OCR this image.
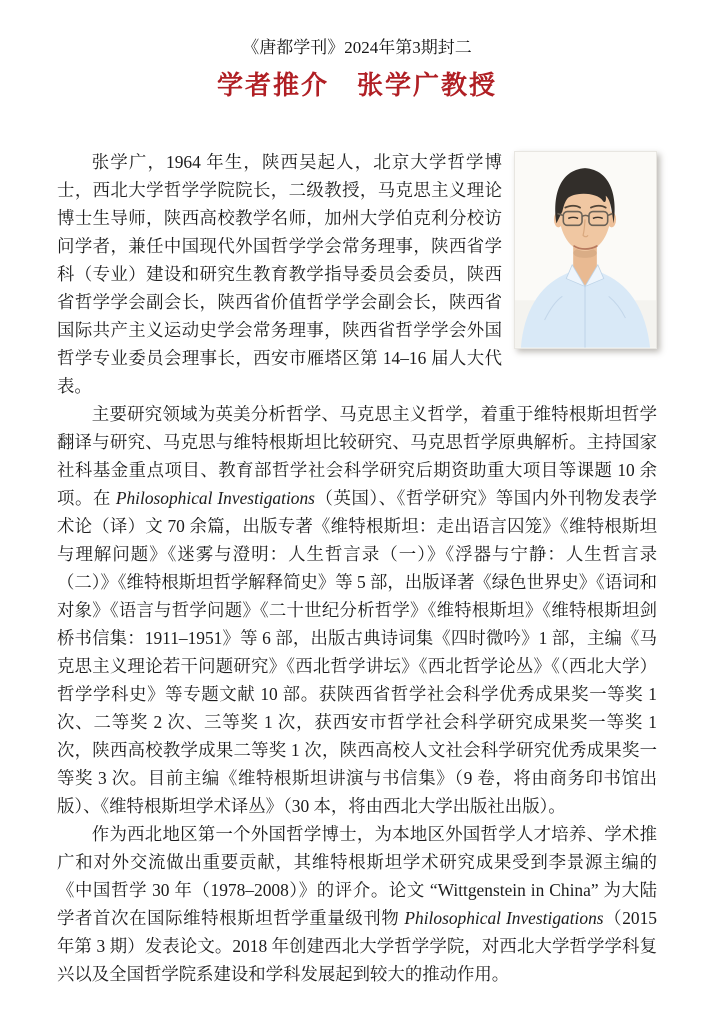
《唐都学刊》2024年第3期封二
学者推介　张学广教授

张学广，1964 年生，陕西吴起人，北京大学哲学博士，西北大学哲学学院院长，二级教授，马克思主义理论博士生导师，陕西高校教学名师，加州大学伯克利分校访问学者，兼任中国现代外国哲学学会常务理事，陕西省学科（专业）建设和研究生教育教学指导委员会委员，陕西省哲学学会副会长，陕西省价值哲学学会副会长，陕西省国际共产主义运动史学会常务理事，陕西省哲学学会外国哲学专业委员会理事长，西安市雁塔区第 14–16 届人大代表。

主要研究领域为英美分析哲学、马克思主义哲学，着重于维特根斯坦哲学翻译与研究、马克思与维特根斯坦比较研究、马克思哲学原典解析。主持国家社科基金重点项目、教育部哲学社会科学研究后期资助重大项目等课题 10 余项。在 Philosophical Investigations（英国）、《哲学研究》等国内外刊物发表学术论（译）文 70 余篇，出版专著《维特根斯坦：走出语言囚笼》《维特根斯坦与理解问题》《迷雾与澄明：人生哲言录（一）》《浮器与宁静：人生哲言录（二）》《维特根斯坦哲学解释简史》等 5 部，出版译著《绿色世界史》《语词和对象》《语言与哲学问题》《二十世纪分析哲学》《维特根斯坦》《维特根斯坦剑桥书信集：1911–1951》等 6 部，出版古典诗词集《四时微吟》1 部，主编《马克思主义理论若干问题研究》《西北哲学讲坛》《西北哲学论丛》《（西北大学）哲学学科史》等专题文献 10 部。获陕西省哲学社会科学优秀成果奖一等奖 1 次、二等奖 2 次、三等奖 1 次，获西安市哲学社会科学研究成果奖一等奖 1 次，陕西高校教学成果二等奖 1 次，陕西高校人文社会科学研究优秀成果奖一等奖 3 次。目前主编《维特根斯坦讲演与书信集》（9 卷，将由商务印书馆出版）、《维特根斯坦学术译丛》（30 本，将由西北大学出版社出版）。

作为西北地区第一个外国哲学博士，为本地区外国哲学人才培养、学术推广和对外交流做出重要贡献，其维特根斯坦学术研究成果受到李景源主编的《中国哲学 30 年（1978–2008）》的评介。论文 “Wittgenstein in China” 为大陆学者首次在国际维特根斯坦哲学重量级刊物 Philosophical Investigations（2015 年第 3 期）发表论文。2018 年创建西北大学哲学学院，对西北大学哲学学科复兴以及全国哲学院系建设和学科发展起到较大的推动作用。
